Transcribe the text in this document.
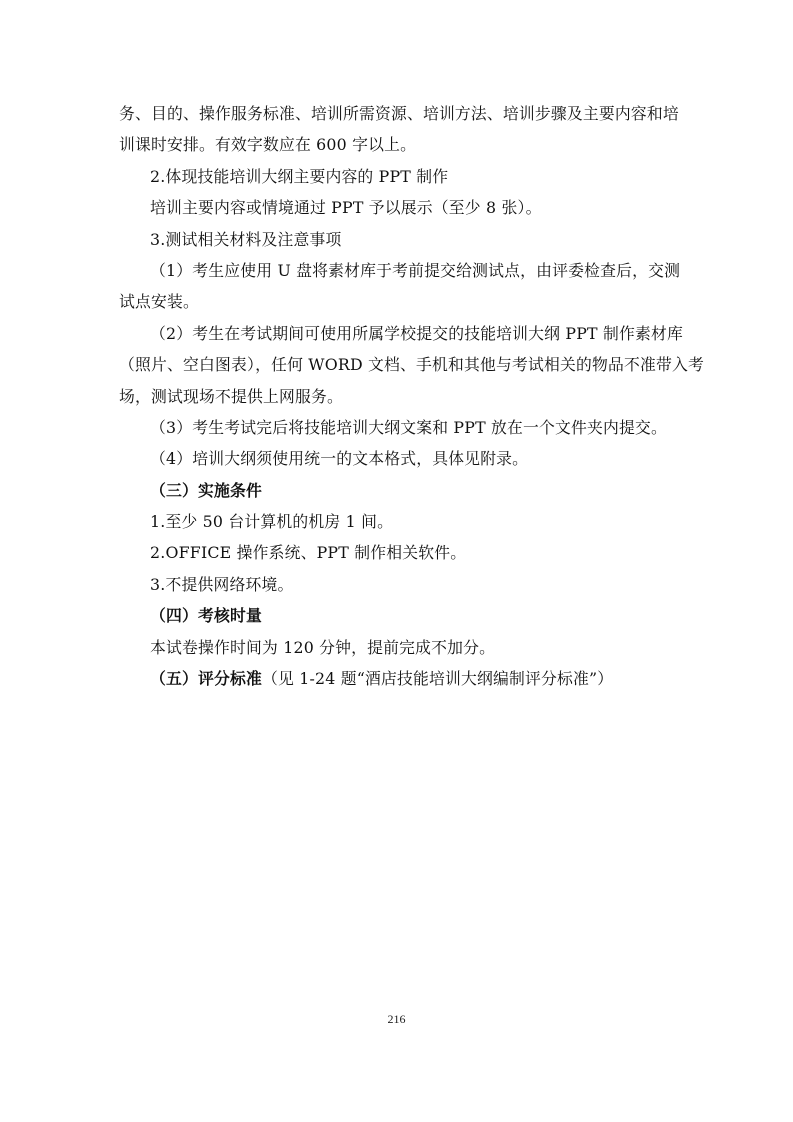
务、目的、操作服务标准、培训所需资源、培训方法、培训步骤及主要内容和培
训课时安排。有效字数应在 600 字以上。
2.体现技能培训大纲主要内容的 PPT 制作
培训主要内容或情境通过 PPT 予以展示（至少 8 张）。
3.测试相关材料及注意事项
（1）考生应使用 U 盘将素材库于考前提交给测试点，由评委检查后，交测
试点安装。
（2）考生在考试期间可使用所属学校提交的技能培训大纲 PPT 制作素材库
（照片、空白图表），任何 WORD 文档、手机和其他与考试相关的物品不准带入考
场，测试现场不提供上网服务。
（3）考生考试完后将技能培训大纲文案和 PPT 放在一个文件夹内提交。
（4）培训大纲须使用统一的文本格式，具体见附录。
（三）实施条件
1.至少 50 台计算机的机房 1 间。
2.OFFICE 操作系统、PPT 制作相关软件。
3.不提供网络环境。
（四）考核时量
本试卷操作时间为 120 分钟，提前完成不加分。
（五）评分标准（见 1-24 题“酒店技能培训大纲编制评分标准”）
216
